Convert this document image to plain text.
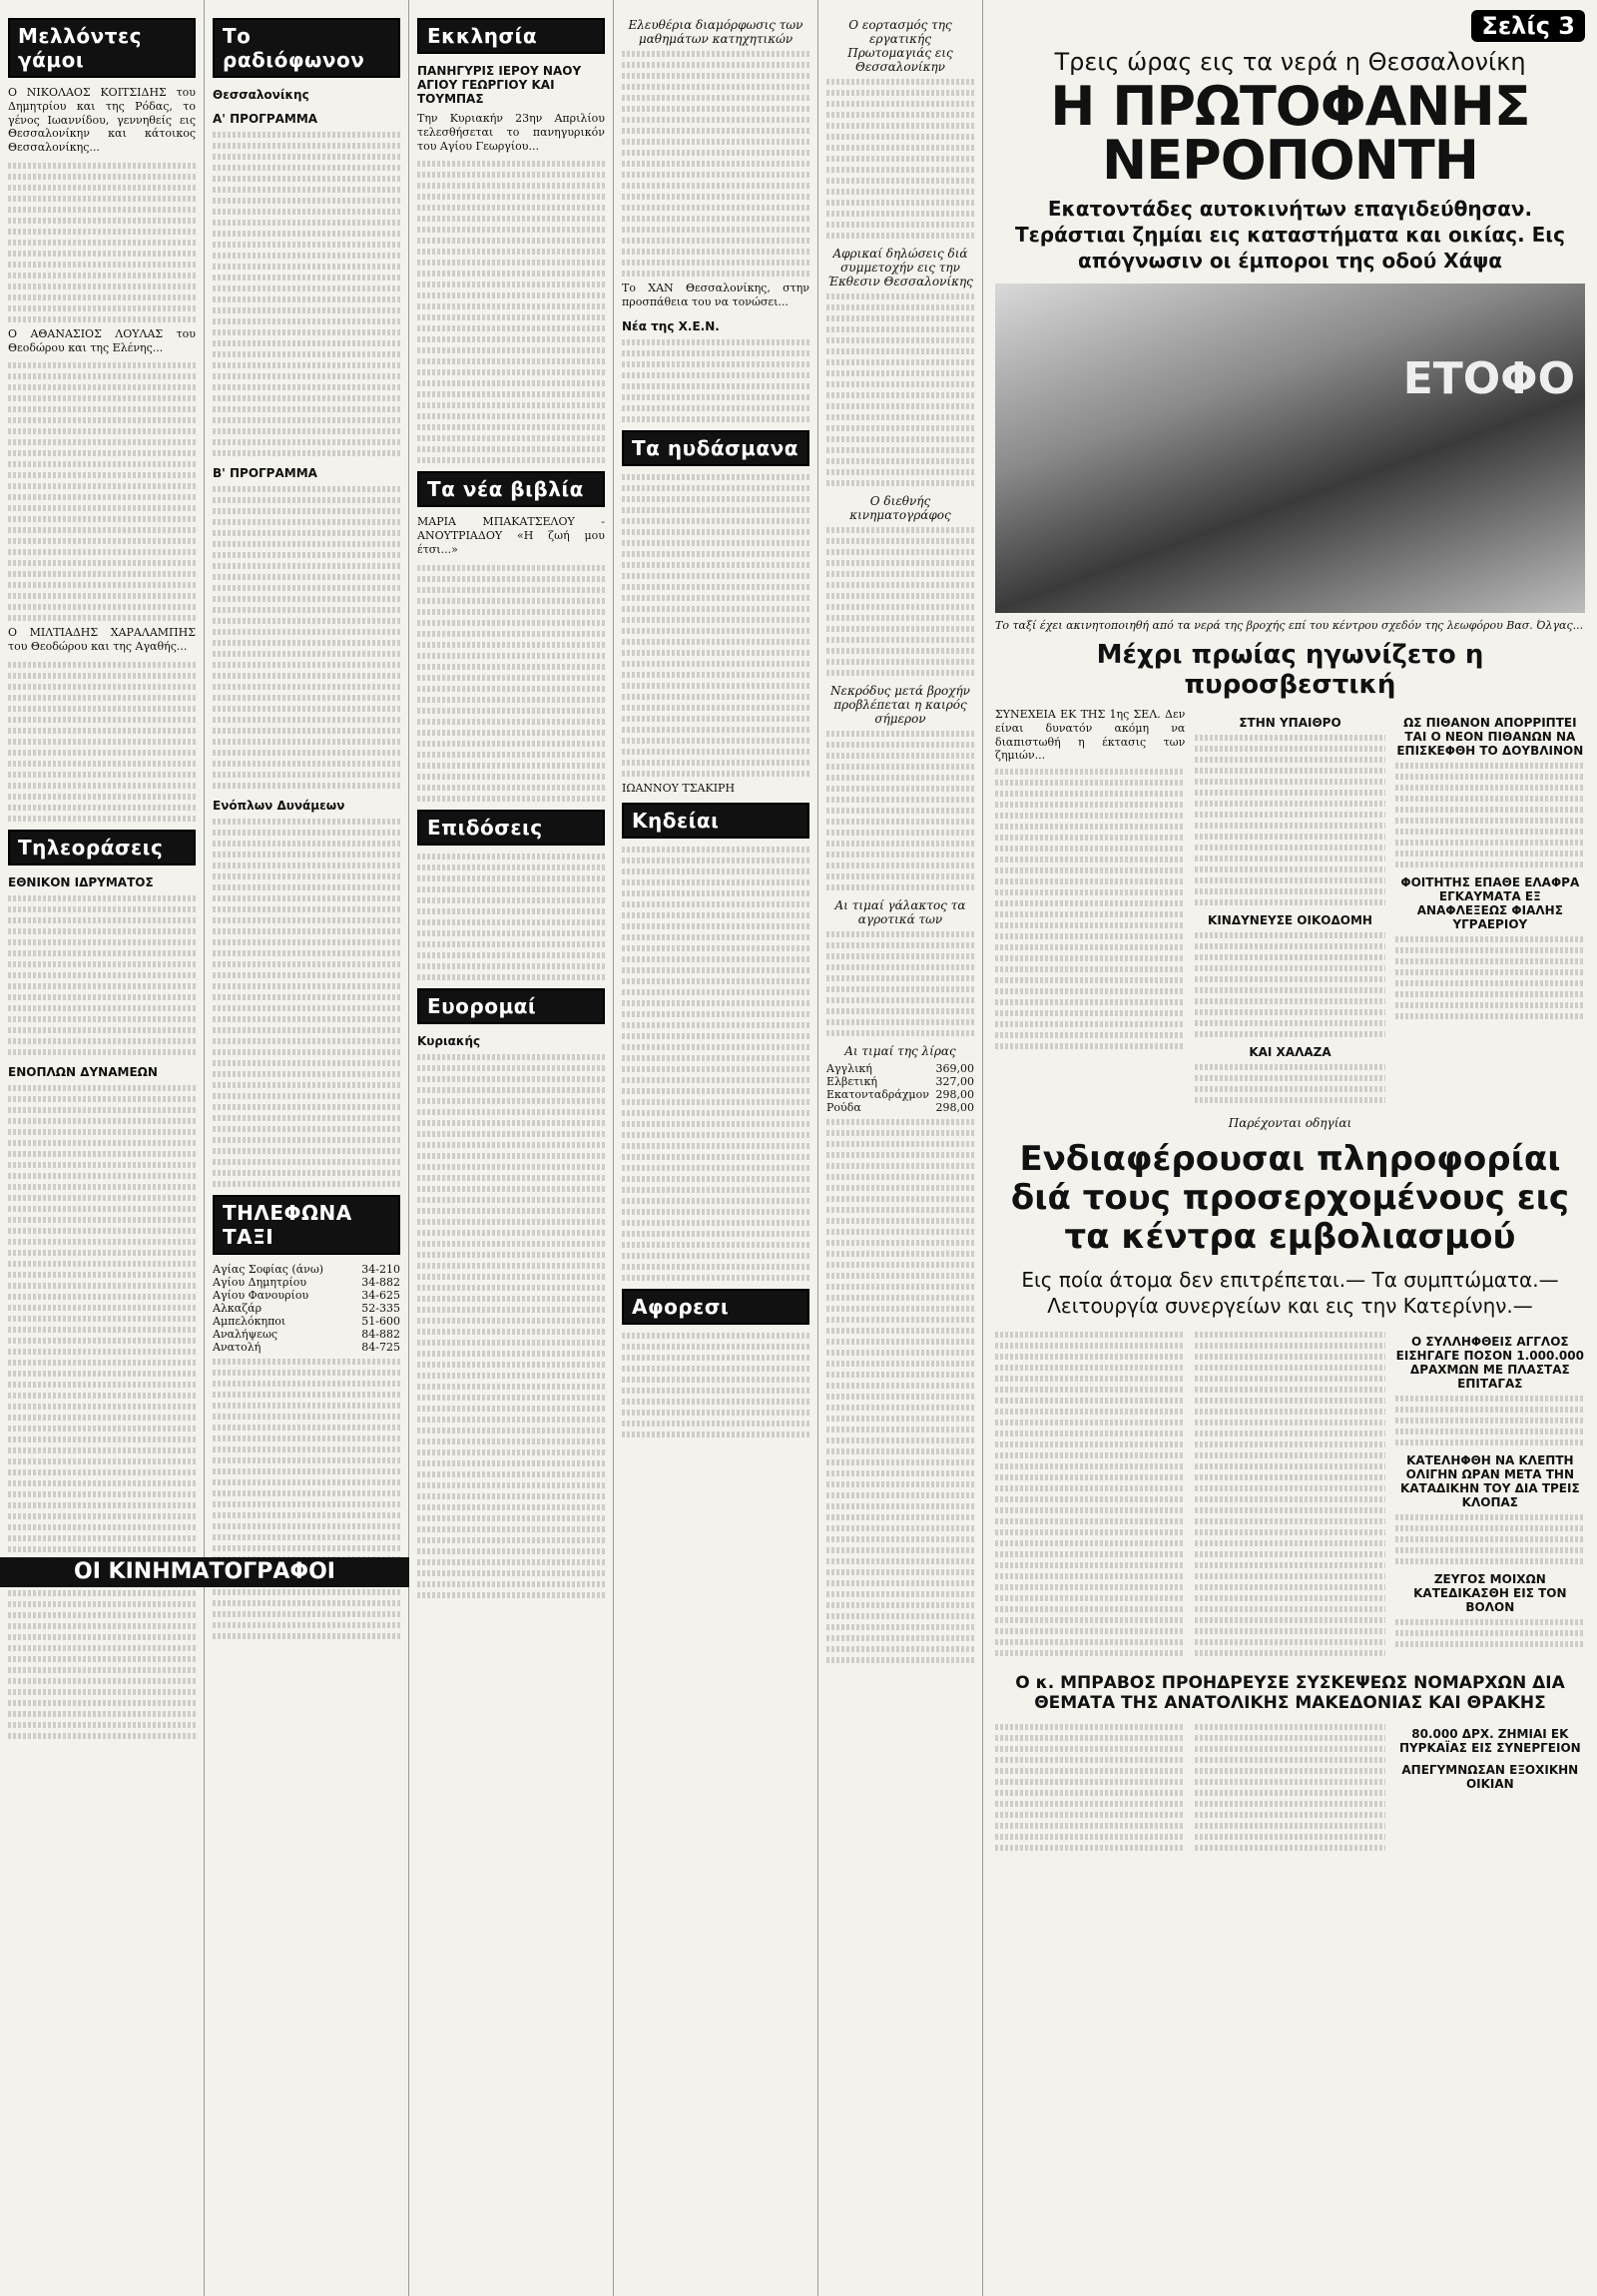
Μελλόντες γάμοι

Ο ΝΙΚΟΛΑΟΣ ΚΟΙΤΣΙΔΗΣ του Δημητρίου και της Ρόδας, το γένος Ιωαννίδου, γεννηθείς εις Θεσσαλονίκην και κάτοικος Θεσσαλονίκης...

Ο ΑΘΑΝΑΣΙΟΣ ΛΟΥΛΑΣ του Θεοδώρου και της Ελένης...

Ο ΜΙΛΤΙΑΔΗΣ ΧΑΡΑΛΑΜΠΗΣ του Θεοδώρου και της Αγαθής...

Τηλεοράσεις
ΕΘΝΙΚΟΝ ΙΔΡΥΜΑΤΟΣ
ΕΝΟΠΛΩΝ ΔΥΝΑΜΕΩΝ
Το ραδιόφωνον
Θεσσαλονίκης
Α' ΠΡΟΓΡΑΜΜΑ
Β' ΠΡΟΓΡΑΜΜΑ
Ενόπλων Δυνάμεων
ΤΗΛΕΦΩΝΑ ΤΑΞΙ
Αγίας Σοφίας (άνω)	34-210
Αγίου Δημητρίου	34-882
Αγίου Φανουρίου	34-625
Αλκαζάρ	52-335
Αμπελόκηποι	51-600
Αναλήψεως	84-882
Ανατολή	84-725
Εκκλησία
ΠΑΝΗΓΥΡΙΣ ΙΕΡΟΥ ΝΑΟΥ ΑΓΙΟΥ ΓΕΩΡΓΙΟΥ ΚΑΙ ΤΟΥΜΠΑΣ

Την Κυριακήν 23ην Απριλίου τελεσθήσεται το πανηγυρικόν του Αγίου Γεωργίου...

Τα νέα βιβλία

ΜΑΡΙΑ ΜΠΑΚΑΤΣΕΛΟΥ - ΑΝΟΥΤΡΙΑΔΟΥ «Η ζωή μου έτσι...»

Επιδόσεις
Ευορομαί
Κυριακής
Ελευθέρια διαμόρφωσις των μαθημάτων κατηχητικών

Το ΧΑΝ Θεσσαλονίκης, στην προσπάθεια του να τονώσει...

Νέα της Χ.Ε.Ν.
Τα ηυδάσμανα

ΙΩΑΝΝΟΥ ΤΣΑΚΙΡΗ

Κηδείαι
Αφορεσι
Ο εορτασμός της εργατικής Πρωτομαγιάς εις Θεσσαλονίκην
Αφρικαί δηλώσεις διά συμμετοχήν εις την Έκθεσιν Θεσσαλονίκης
Ο διεθνής κινηματογράφος
Νεκρόδυς μετά βροχήν προβλέπεται η καιρός σήμερον
Αι τιμαί γάλακτος τα αγροτικά των
Αι τιμαί της λίρας
Αγγλική	369,00
Ελβετική	327,00
Εκατονταδράχμον 298,00
Ρούδα	298,00
Σελίς 3
Τρεις ώρας εις τα νερά η Θεσσαλονίκη
Η ΠΡΩΤΟΦΑΝΗΣ ΝΕΡΟΠΟΝΤΗ
Εκατοντάδες αυτοκινήτων επαγιδεύθησαν.
Τεράστιαι ζημίαι εις καταστήματα και οικίας. Εις απόγνωσιν οι έμποροι της οδού Χάψα
ΕΤΟΦΟ
Το ταξί έχει ακινητοποιηθή από τα νερά της βροχής επί του κέντρου σχεδόν της λεωφόρου Βασ. Όλγας...
Μέχρι πρωίας ηγωνίζετο η πυροσβεστική

ΣΥΝΕΧΕΙΑ ΕΚ ΤΗΣ 1ης ΣΕΛ. Δεν είναι δυνατόν ακόμη να διαπιστωθή η έκτασις των ζημιών...

ΣΤΗΝ ΥΠΑΙΘΡΟ
ΚΙΝΔΥΝΕΥΣΕ ΟΙΚΟΔΟΜΗ
ΚΑΙ ΧΑΛΑΖΑ
ΩΣ ΠΙΘΑΝΟΝ ΑΠΟΡΡΙΠΤΕΙ ΤΑΙ Ο ΝΕΟΝ ΠΙΘΑΝΩΝ ΝΑ ΕΠΙΣΚΕΦΘΗ ΤΟ ΔΟΥΒΛΙΝΟΝ
ΦΟΙΤΗΤΗΣ ΕΠΑΘΕ ΕΛΑΦΡΑ ΕΓΚΑΥΜΑΤΑ ΕΞ ΑΝΑΦΛΕΞΕΩΣ ΦΙΑΛΗΣ ΥΓΡΑΕΡΙΟΥ
Παρέχονται οδηγίαι
Ενδιαφέρουσαι πληροφορίαι διά τους προσερχομένους εις τα κέντρα εμβολιασμού
Εις ποία άτομα δεν επιτρέπεται.— Τα συμπτώματα.— Λειτουργία συνεργείων και εις την Κατερίνην.—
Ο ΣΥΛΛΗΦΘΕΙΣ ΑΓΓΛΟΣ ΕΙΣΗΓΑΓΕ ΠΟΣΟΝ 1.000.000 ΔΡΑΧΜΩΝ ΜΕ ΠΛΑΣΤΑΣ ΕΠΙΤΑΓΑΣ
ΚΑΤΕΛΗΦΘΗ ΝΑ ΚΛΕΠΤΗ ΟΛΙΓΗΝ ΩΡΑΝ ΜΕΤΑ ΤΗΝ ΚΑΤΑΔΙΚΗΝ ΤΟΥ ΔΙΑ ΤΡΕΙΣ ΚΛΟΠΑΣ
ΖΕΥΓΟΣ ΜΟΙΧΩΝ ΚΑΤΕΔΙΚΑΣΘΗ ΕΙΣ ΤΟΝ ΒΟΛΟΝ
Ο κ. ΜΠΡΑΒΟΣ ΠΡΟΗΔΡΕΥΣΕ ΣΥΣΚΕΨΕΩΣ ΝΟΜΑΡΧΩΝ ΔΙΑ ΘΕΜΑΤΑ ΤΗΣ ΑΝΑΤΟΛΙΚΗΣ ΜΑΚΕΔΟΝΙΑΣ ΚΑΙ ΘΡΑΚΗΣ
80.000 ΔΡΧ. ΖΗΜΙΑΙ ΕΚ ΠΥΡΚΑΪΑΣ ΕΙΣ ΣΥΝΕΡΓΕΙΟΝ
ΑΠΕΓΥΜΝΩΣΑΝ ΕΞΟΧΙΚΗΝ ΟΙΚΙΑΝ
ΟΙ ΚΙΝΗΜΑΤΟΓΡΑΦΟΙ
